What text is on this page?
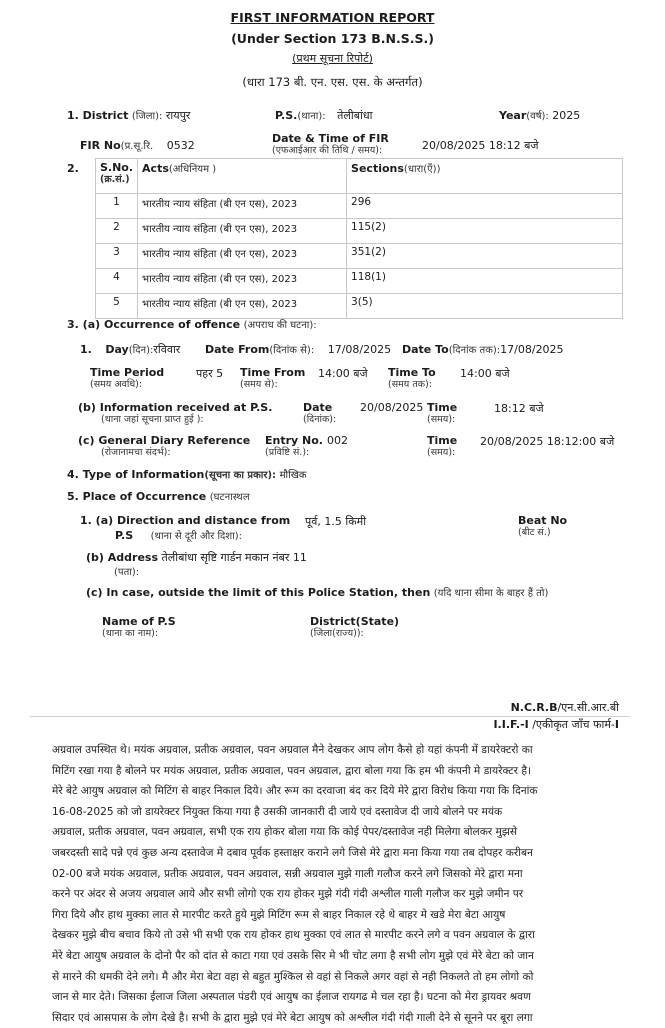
FIRST INFORMATION REPORT
(Under Section 173 B.N.S.S.)
(प्रथम सूचना रिपोर्ट)
(धारा 173 बी. एन. एस. एस. के अन्तर्गत)
1. District (जिला): रायपुर	P.S.(थाना): तेलीबांधा	Year(वर्ष): 2025
FIR No(प्र.सू.रि. 0532
Date & Time of FIR
(एफआईआर की तिथि / समय):	20/08/2025 18:12 बजे
2. S.No.
(क्र.सं.)	Acts(अधिनियम )	Sections(धारा(एँ))
1	भारतीय न्याय संहिता (बी एन एस), 2023	296
2	भारतीय न्याय संहिता (बी एन एस), 2023	115(2)
3	भारतीय न्याय संहिता (बी एन एस), 2023	351(2)
4	भारतीय न्याय संहिता (बी एन एस), 2023	118(1)
5	भारतीय न्याय संहिता (बी एन एस), 2023	3(5)
3. (a) Occurrence of offence (अपराध की घटना):
1. Day(दिन):रविवार Date From(दिनांक से): 17/08/2025 Date To(दिनांक तक):17/08/2025
Time Period
(समय अवधि):
पहर 5 Time From
(समय से):
14:00 बजे Time To
(समय तक):
14:00 बजे
(b) Information received at P.S.
(थाना जहां सूचना प्राप्त हुई ):
Date
(दिनांक):
20/08/2025 Time
(समय):
18:12 बजे
(c) General Diary Reference
(रोजानामचा संदर्भ):
Entry No.
(प्रविष्टि सं.):
002	Time
(समय):
20/08/2025 18:12:00 बजे
4. Type of Information(सूचना का प्रकार): मौखिक
5. Place of Occurrence (घटनास्थल
1. (a) Direction and distance from पूर्व, 1.5 किमी
P.S (थाना से दूरी और दिशा):
Beat No
(बीट सं.)
(b) Address तेलीबांधा सृष्टि गार्डन मकान नंबर 11
(पता):
(c) In case, outside the limit of this Police Station, then (यदि थाना सीमा के बाहर हैं तो)
Name of P.S
(थाना का नाम):
District(State)
(जिला(राज्य)):
N.C.R.B/एन.सी.आर.बी
I.I.F.-I /एकीकृत जाँच फार्म-I

अग्रवाल उपस्थित थे। मयंक अग्रवाल, प्रतीक अग्रवाल, पवन अग्रवाल मैने देखकर आप लोग कैसे हो यहां कंपनी में डायरेक्टरो का

मिटिंग रखा गया है बोलने पर मयंक अग्रवाल, प्रतीक अग्रवाल, पवन अग्रवाल, द्वारा बोला गया कि हम भी कंपनी मे डायरेक्टर है।

मेरे बेटे आयुष अग्रवाल को मिटिंग से बाहर निकाल दिये। और रूम का दरवाजा बंद कर दिये मेरे द्वारा विरोध किया गया कि दिनांक

16-08-2025 को जो डायरेक्टर नियुक्त किया गया है उसकी जानकारी दी जाये एवं दस्तावेज दी जाये बोलने पर मयंक

अग्रवाल, प्रतीक अग्रवाल, पवन अग्रवाल, सभी एक राय होकर बोला गया कि कोई पेपर/दस्तावेज नही मिलेगा बोलकर मुझसे

जबरदस्ती सादे पन्ने एवं कुछ अन्य दस्तावेज मे दबाव पूर्वक हस्ताक्षर कराने लगे जिसे मेरे द्वारा मना किया गया तब दोपहर करीबन

02-00 बजे मयंक अग्रवाल, प्रतीक अग्रवाल, पवन अग्रवाल, सन्नी अग्रवाल मुझे गाली गलौज करने लगे जिसको मेरे द्वारा मना

करने पर अंदर से अजय अग्रवाल आये और सभी लोगो एक राय होकर मुझे गंदी गंदी अश्लील गाली गलौज कर मुझे जमीन पर

गिरा दिये और हाथ मुक्का लात से मारपीट करते हुये मुझे मिटिंग रूम से बाहर निकाल रहे थे बाहर मे खडे मेरा बेटा आयुष

देखकर मुझे बीच बचाव किये तो उसे भी सभी एक राय होकर हाथ मुक्का एवं लात से मारपीट करने लगे व पवन अग्रवाल के द्वारा

मेरे बेटा आयुष अग्रवाल के दोनो पैर को दांत से काटा गया एवं उसके सिर मे भी चोट लगा है सभी लोग मुझे एवं मेरे बेटा को जान

से मारने की धमकी देने लगे। मै और मेरा बेटा वहा से बहुत मुश्किल से वहां से निकले अगर वहां से नही निकलते तो हम लोगो को

जान से मार देते। जिसका ईलाज जिला अस्पताल पंडरी एवं आयुष का ईलाज रायगढ मे चल रहा है। घटना को मेरा ड्रायवर श्रवण

सिदार एवं आसपास के लोग देखे है। सभी के द्वारा मुझे एवं मेरे बेटा आयुष को अश्लील गंदी गंदी गाली देने से सूनने पर बूरा लगा
